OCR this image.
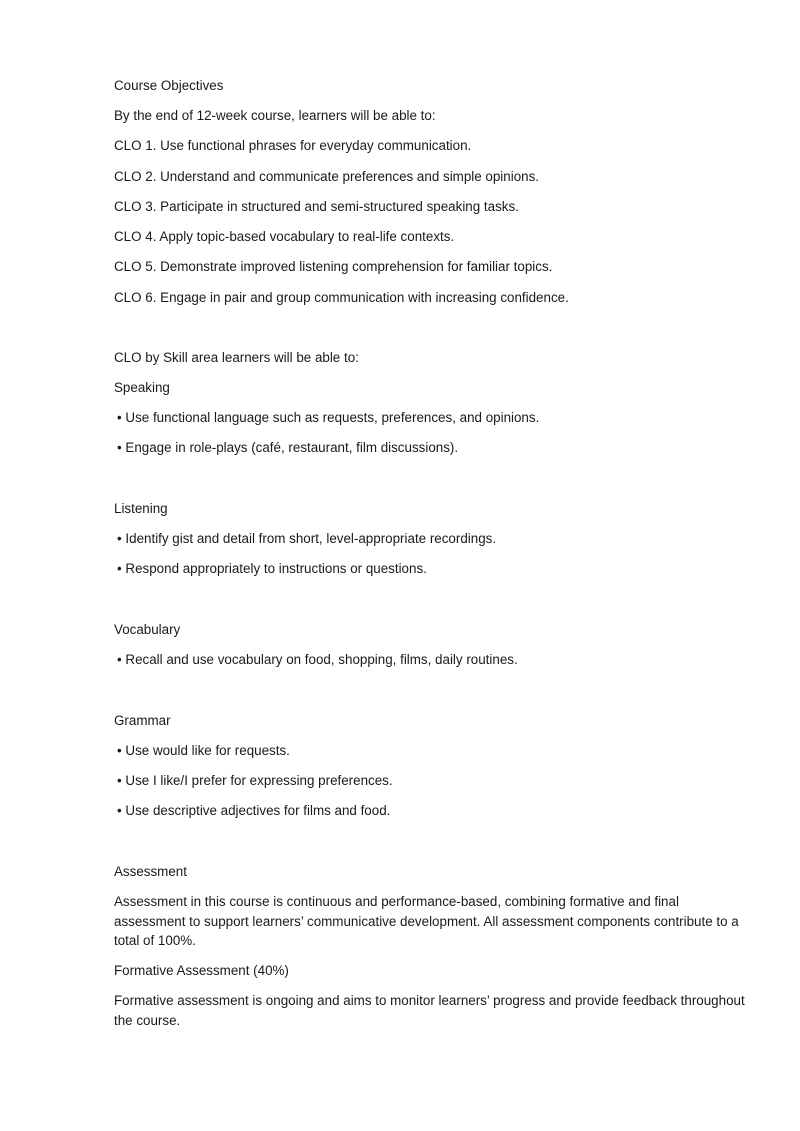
Course Objectives
By the end of 12-week course, learners will be able to:
CLO 1. Use functional phrases for everyday communication.
CLO 2. Understand and communicate preferences and simple opinions.
CLO 3. Participate in structured and semi-structured speaking tasks.
CLO 4. Apply topic-based vocabulary to real-life contexts.
CLO 5. Demonstrate improved listening comprehension for familiar topics.
CLO 6. Engage in pair and group communication with increasing confidence.
CLO by Skill area learners will be able to:
Speaking
• Use functional language such as requests, preferences, and opinions.
• Engage in role-plays (café, restaurant, film discussions).
Listening
• Identify gist and detail from short, level-appropriate recordings.
• Respond appropriately to instructions or questions.
Vocabulary
• Recall and use vocabulary on food, shopping, films, daily routines.
Grammar
• Use would like for requests.
• Use I like/I prefer for expressing preferences.
• Use descriptive adjectives for films and food.
Assessment
Assessment in this course is continuous and performance-based, combining formative and final assessment to support learners’ communicative development. All assessment components contribute to a total of 100%.
Formative Assessment (40%)
Formative assessment is ongoing and aims to monitor learners’ progress and provide feedback throughout the course.
